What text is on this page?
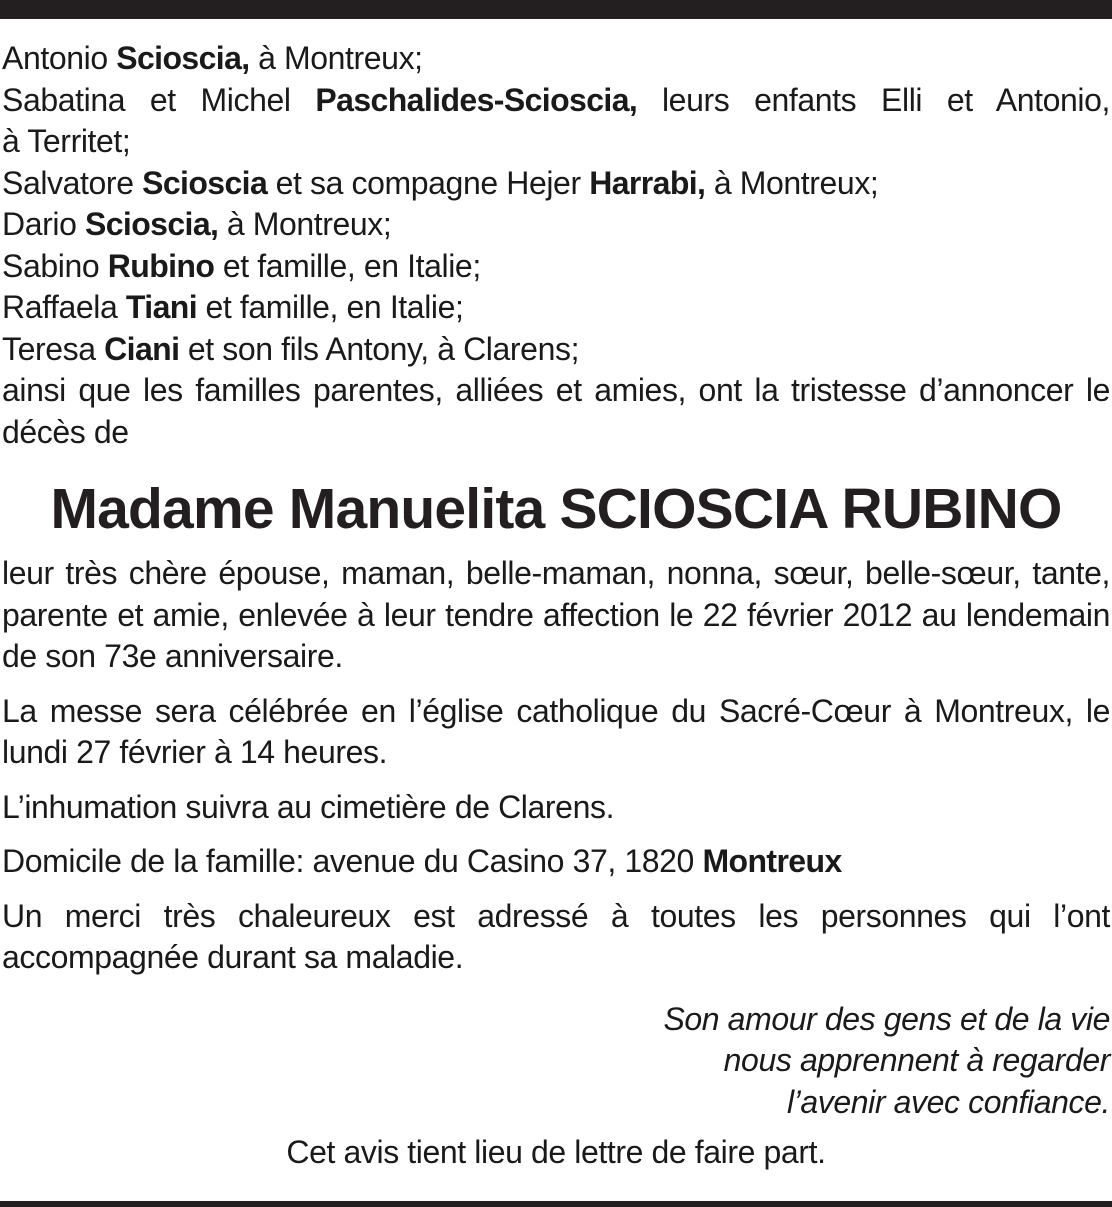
Antonio Scioscia, à Montreux;
Sabatina et Michel Paschalides-Scioscia, leurs enfants Elli et Antonio,
à Territet;
Salvatore Scioscia et sa compagne Hejer Harrabi, à Montreux;
Dario Scioscia, à Montreux;
Sabino Rubino et famille, en Italie;
Raffaela Tiani et famille, en Italie;
Teresa Ciani et son fils Antony, à Clarens;
ainsi que les familles parentes, alliées et amies, ont la tristesse d’annoncer le décès de
Madame Manuelita SCIOSCIA RUBINO
leur très chère épouse, maman, belle-maman, nonna, sœur, belle-sœur, tante, parente et amie, enlevée à leur tendre affection le 22 février 2012 au lendemain de son 73e anniversaire.
La messe sera célébrée en l’église catholique du Sacré-Cœur à Montreux, le lundi 27 février à 14 heures.
L’inhumation suivra au cimetière de Clarens.
Domicile de la famille: avenue du Casino 37, 1820 Montreux
Un merci très chaleureux est adressé à toutes les personnes qui l’ont accompagnée durant sa maladie.
Son amour des gens et de la vie
nous apprennent à regarder
l’avenir avec confiance.
Cet avis tient lieu de lettre de faire part.
